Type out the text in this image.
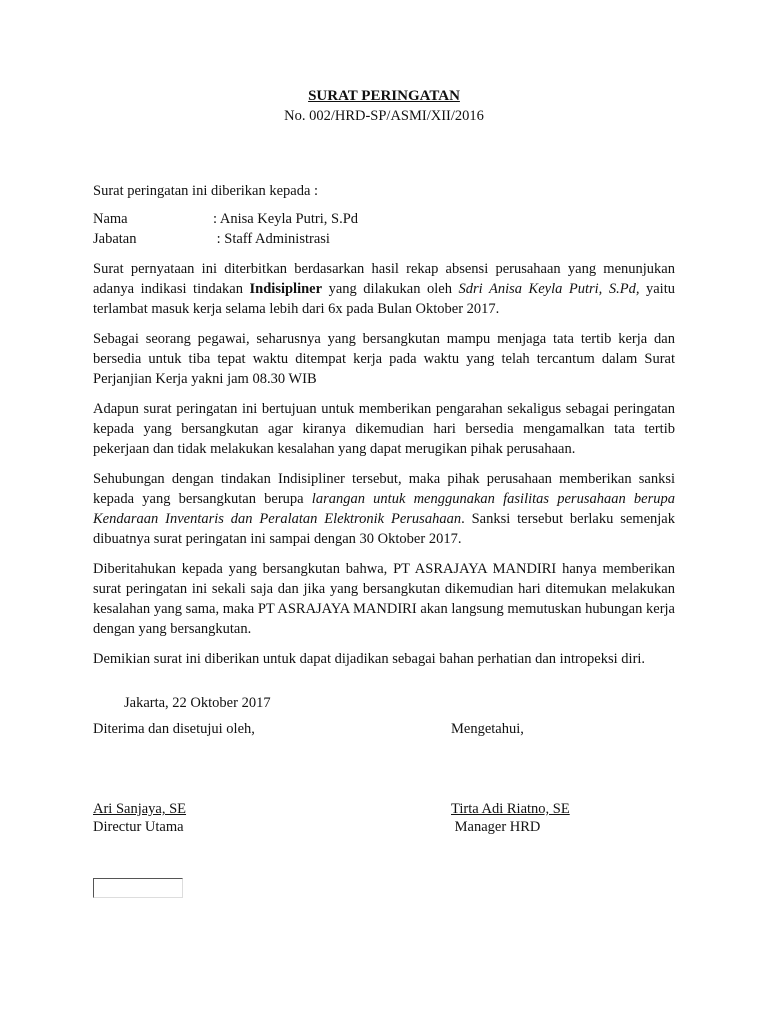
SURAT PERINGATAN
No. 002/HRD-SP/ASMI/XII/2016

Surat peringatan ini diberikan kepada :

Nama	: Anisa Keyla Putri, S.Pd
Jabatan	: Staff Administrasi

Surat pernyataan ini diterbitkan berdasarkan hasil rekap absensi perusahaan yang menunjukan adanya indikasi tindakan Indisipliner yang dilakukan oleh Sdri Anisa Keyla Putri, S.Pd, yaitu terlambat masuk kerja selama lebih dari 6x pada Bulan Oktober 2017.

Sebagai seorang pegawai, seharusnya yang bersangkutan mampu menjaga tata tertib kerja dan bersedia untuk tiba tepat waktu ditempat kerja pada waktu yang telah tercantum dalam Surat Perjanjian Kerja yakni jam 08.30 WIB

Adapun surat peringatan ini bertujuan untuk memberikan pengarahan sekaligus sebagai peringatan kepada yang bersangkutan agar kiranya dikemudian hari bersedia mengamalkan tata tertib pekerjaan dan tidak melakukan kesalahan yang dapat merugikan pihak perusahaan.

Sehubungan dengan tindakan Indisipliner tersebut, maka pihak perusahaan memberikan sanksi kepada yang bersangkutan berupa larangan untuk menggunakan fasilitas perusahaan berupa Kendaraan Inventaris dan Peralatan Elektronik Perusahaan. Sanksi tersebut berlaku semenjak dibuatnya surat peringatan ini sampai dengan 30 Oktober 2017.

Diberitahukan kepada yang bersangkutan bahwa, PT ASRAJAYA MANDIRI hanya memberikan surat peringatan ini sekali saja dan jika yang bersangkutan dikemudian hari ditemukan melakukan kesalahan yang sama, maka PT ASRAJAYA MANDIRI akan langsung memutuskan hubungan kerja dengan yang bersangkutan.

Demikian surat ini diberikan untuk dapat dijadikan sebagai bahan perhatian dan intropeksi diri.

Jakarta, 22 Oktober 2017
Diterima dan disetujui oleh,
Ari Sanjaya, SE
Directur Utama
Mengetahui,
Tirta Adi Riatno, SE
Manager HRD
